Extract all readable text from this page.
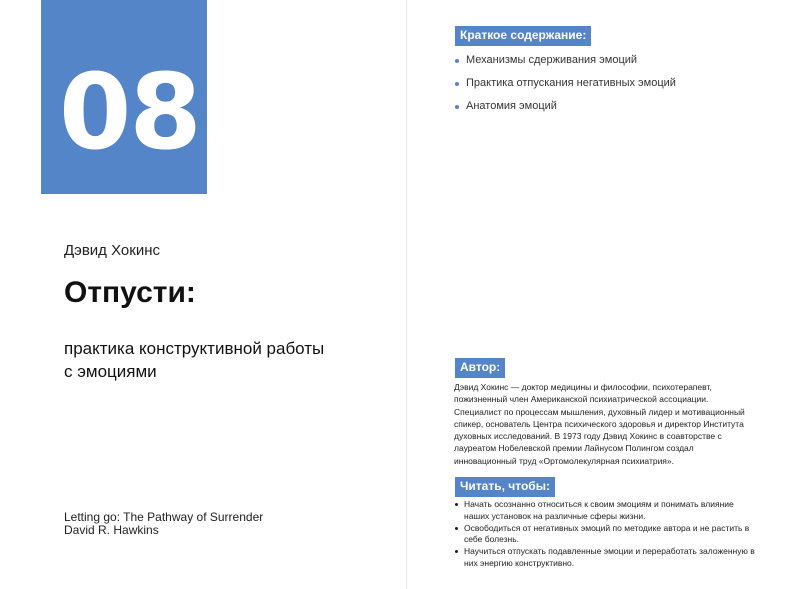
08
Дэвид Хокинс
Отпусти:
практика конструктивной работы
с эмоциями
Letting go: The Pathway of Surrender
David R. Hawkins
Краткое содержание:
Механизмы сдерживания эмоций
Практика отпускания негативных эмоций
Анатомия эмоций
Автор:

Дэвид Хокинс — доктор медицины и философии, психотерапевт, пожизненный член Американской психиатрической ассоциации. Специалист по процессам мышления, духовный лидер и мотивационный спикер, основатель Центра психического здоровья и директор Института духовных исследований. В 1973 году Дэвид Хокинс в соавторстве с лауреатом Нобелевской премии Лайнусом Полингом создал инновационный труд «Ортомолекулярная психиатрия».

Читать, чтобы:
Начать осознанно относиться к своим эмоциям и понимать влияние наших установок на различные сферы жизни.
Освободиться от негативных эмоций по методике автора и не растить в себе болезнь.
Научиться отпускать подавленные эмоции и переработать заложенную в них энергию конструктивно.
